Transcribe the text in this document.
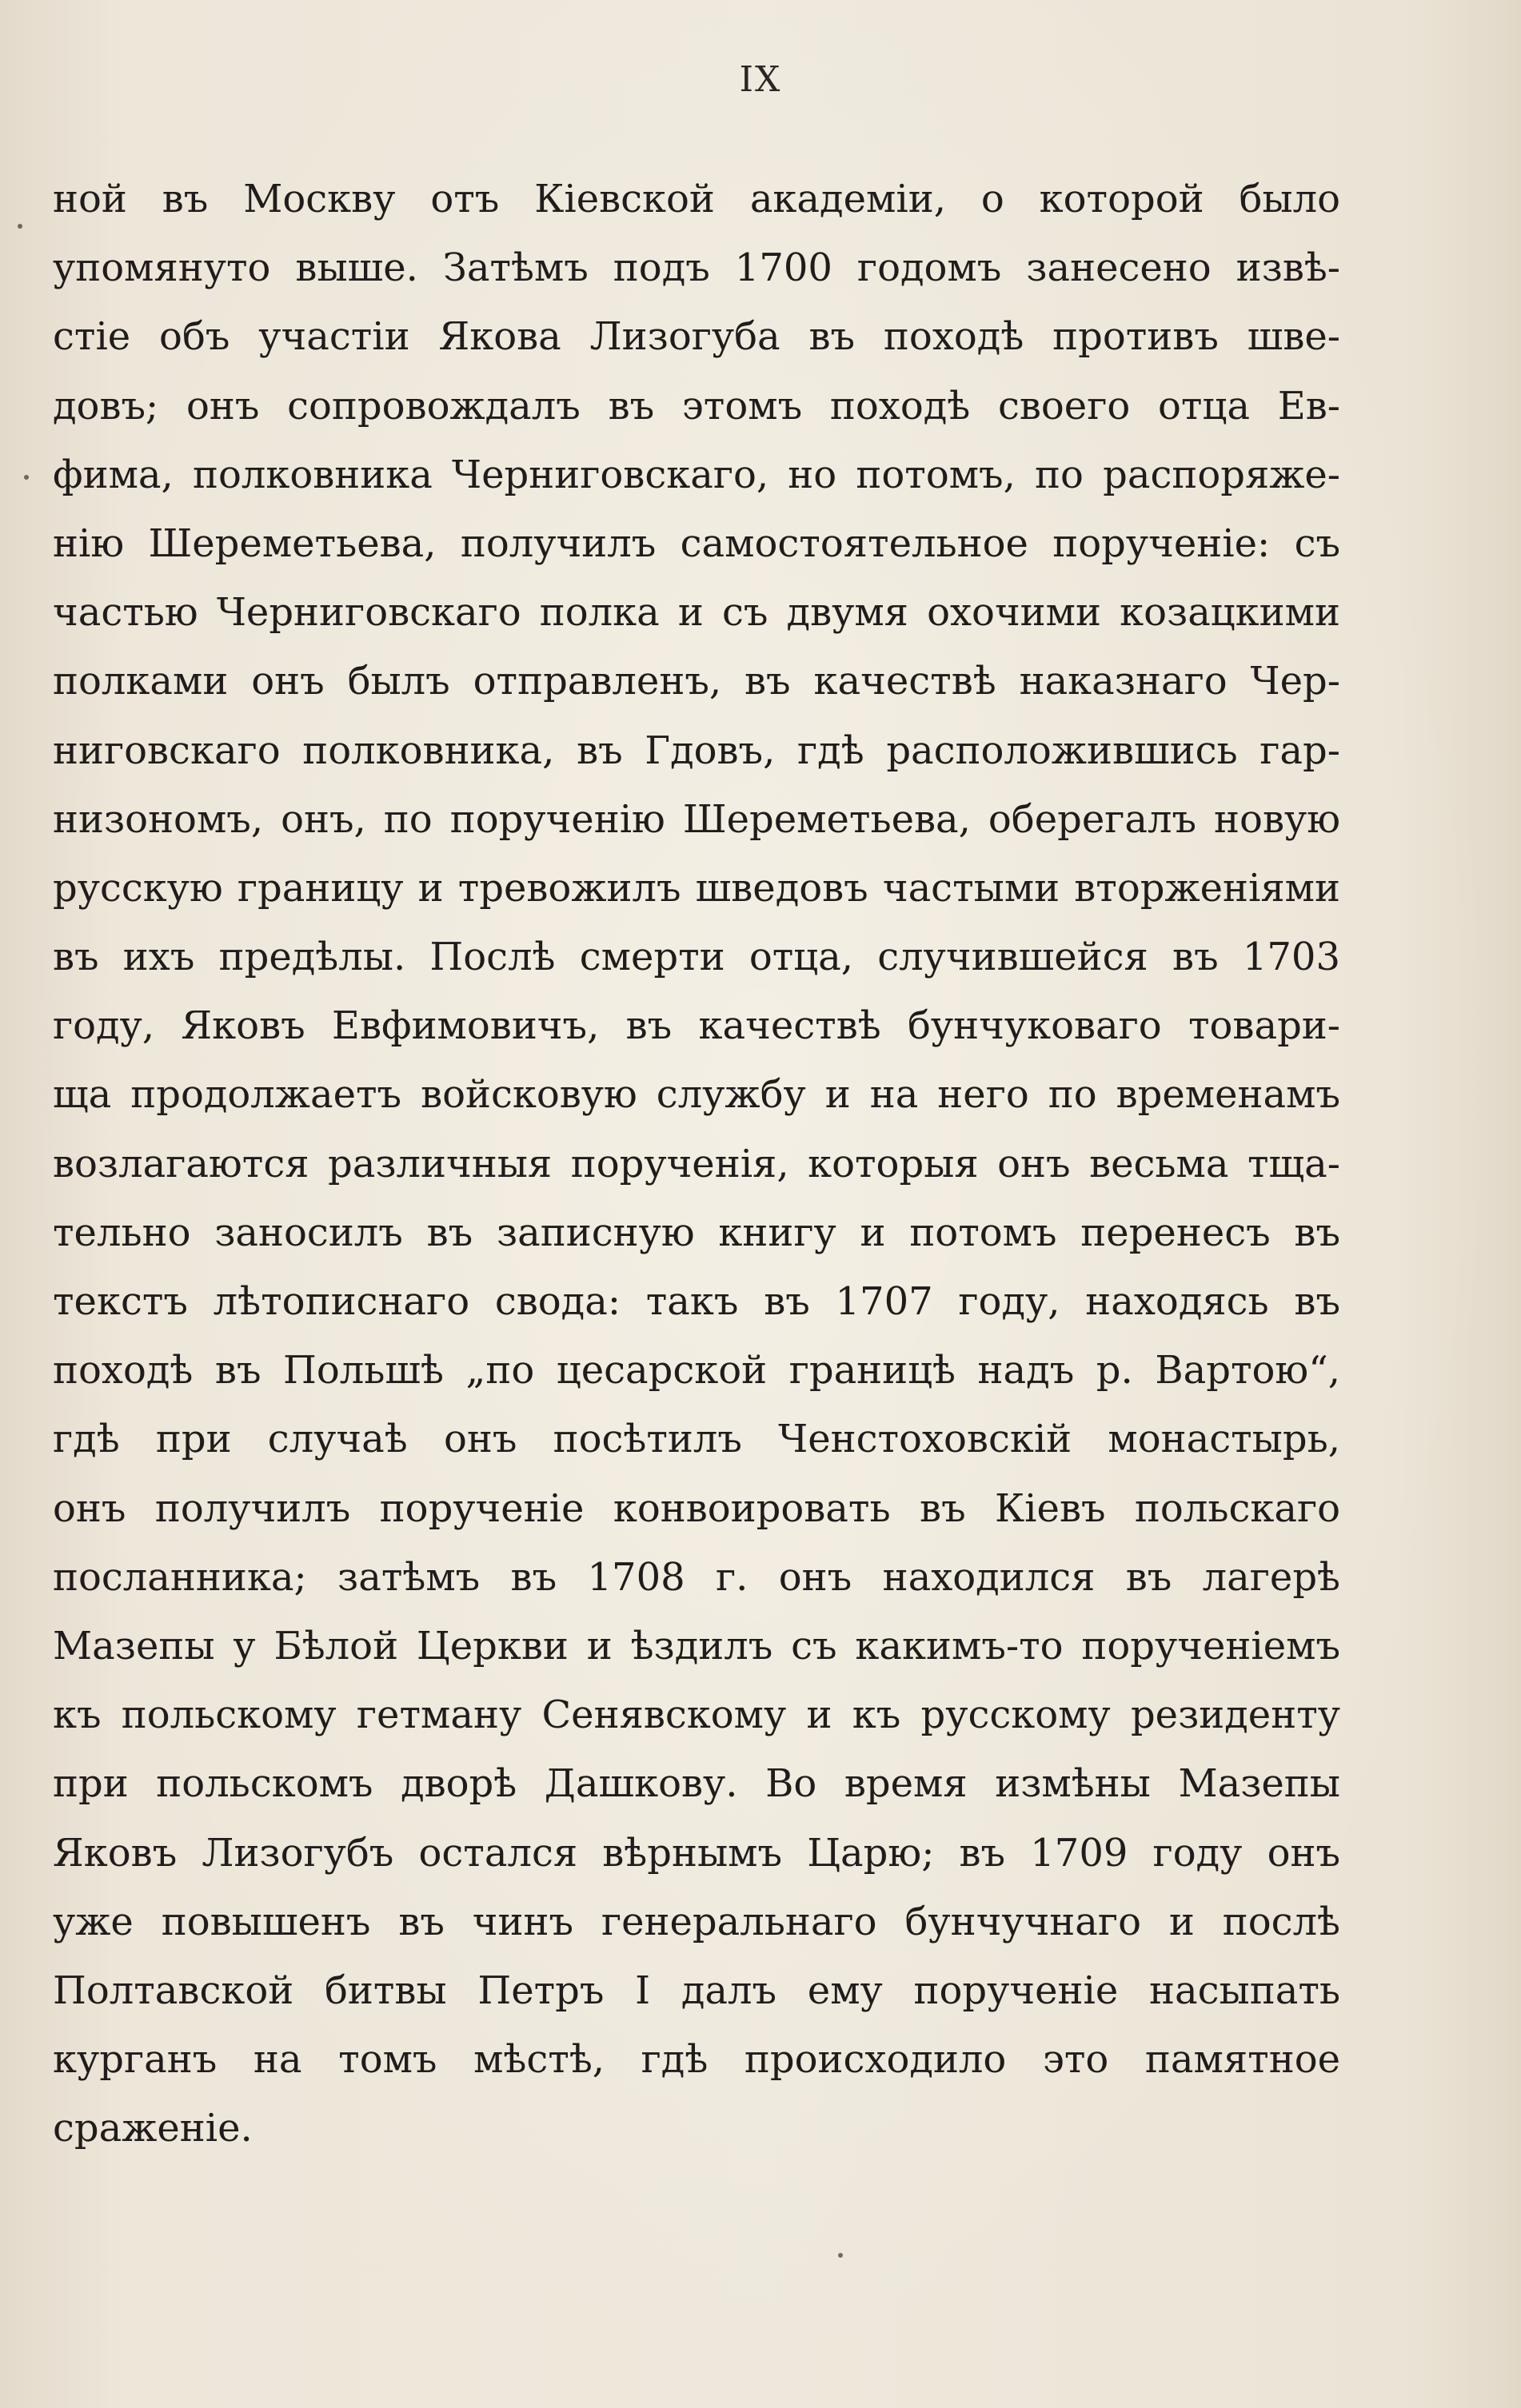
IX
ной въ Москву отъ Кіевской академіи, о которой было
упомянуто выше. Затѣмъ подъ 1700 годомъ занесено извѣ-
стіе объ участіи Якова Лизогуба въ походѣ противъ шве-
довъ; онъ сопровождалъ въ этомъ походѣ своего отца Ев-
фима, полковника Черниговскаго, но потомъ, по распоряже-
нію Шереметьева, получилъ самостоятельное порученіе: съ
частью Черниговскаго полка и съ двумя охочими козацкими
полками онъ былъ отправленъ, въ качествѣ наказнаго Чер-
ниговскаго полковника, въ Гдовъ, гдѣ расположившись гар-
низономъ, онъ, по порученію Шереметьева, оберегалъ новую
русскую границу и тревожилъ шведовъ частыми вторженіями
въ ихъ предѣлы. Послѣ смерти отца, случившейся въ 1703
году, Яковъ Евфимовичъ, въ качествѣ бунчуковаго товари-
ща продолжаетъ войсковую службу и на него по временамъ
возлагаются различныя порученія, которыя онъ весьма тща-
тельно заносилъ въ записную книгу и потомъ перенесъ въ
текстъ лѣтописнаго свода: такъ въ 1707 году, находясь въ
походѣ въ Польшѣ „по цесарской границѣ надъ р. Вартою“,
гдѣ при случаѣ онъ посѣтилъ Ченстоховскій монастырь,
онъ получилъ порученіе конвоировать въ Кіевъ польскаго
посланника; затѣмъ въ 1708 г. онъ находился въ лагерѣ
Мазепы у Бѣлой Церкви и ѣздилъ съ какимъ-то порученіемъ
къ польскому гетману Сенявскому и къ русскому резиденту
при польскомъ дворѣ Дашкову. Во время измѣны Мазепы
Яковъ Лизогубъ остался вѣрнымъ Царю; въ 1709 году онъ
уже повышенъ въ чинъ генеральнаго бунчучнаго и послѣ
Полтавской битвы Петръ I далъ ему порученіе насыпать
курганъ на томъ мѣстѣ, гдѣ происходило это памятное
сраженіе.
